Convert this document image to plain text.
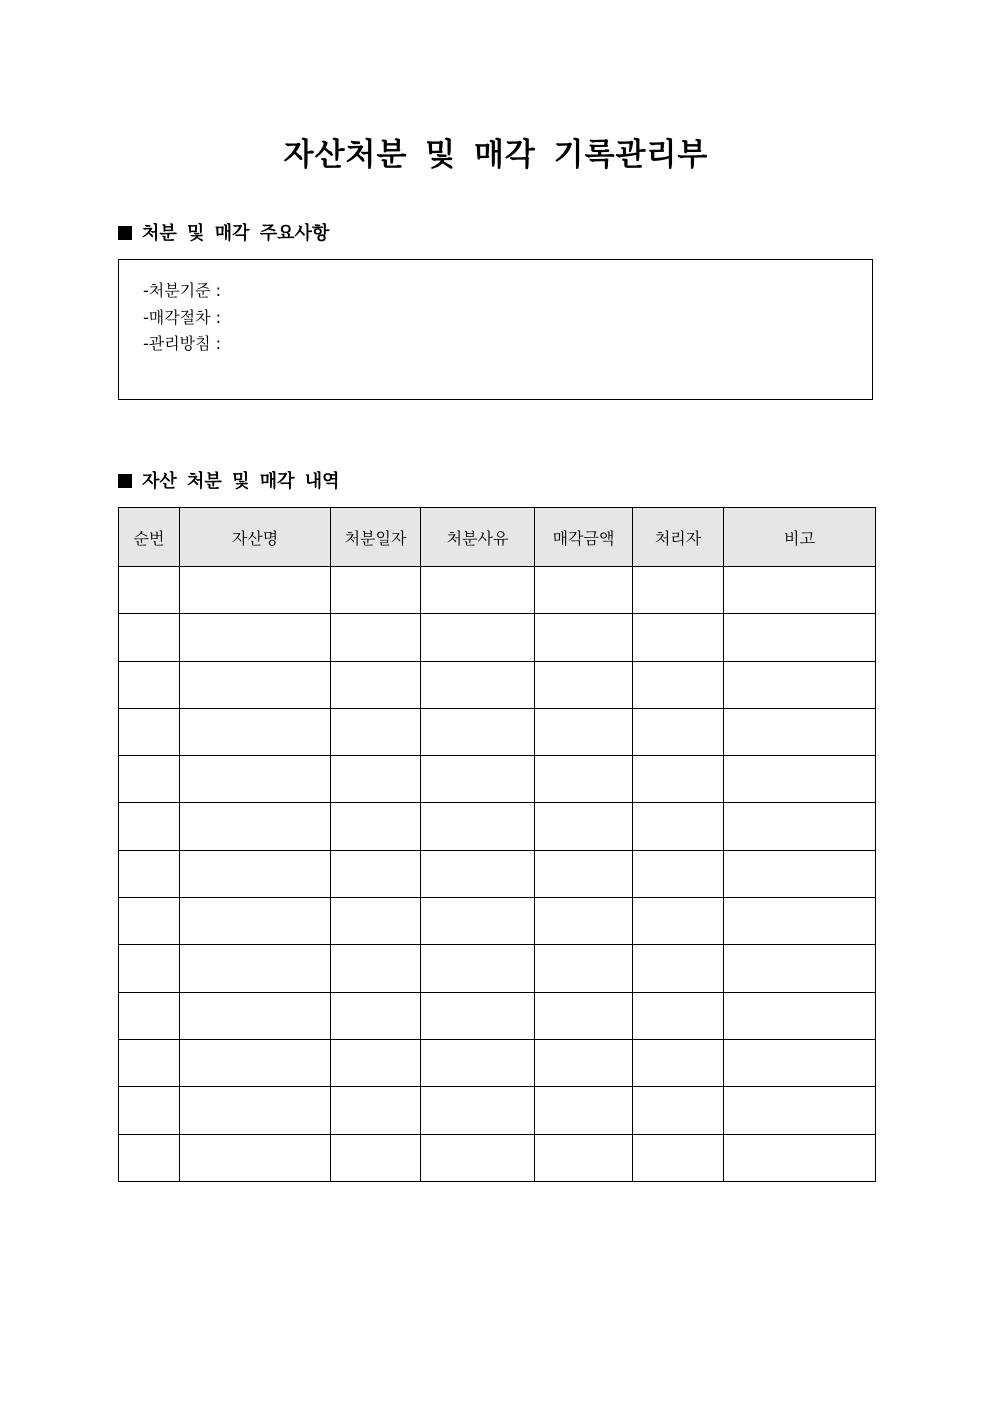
자산처분 및 매각 기록관리부
처분 및 매각 주요사항
-처분기준 :
-매각절차 :
-관리방침 :
자산 처분 및 매각 내역
순번	자산명	처분일자	처분사유	매각금액	처리자	비고
